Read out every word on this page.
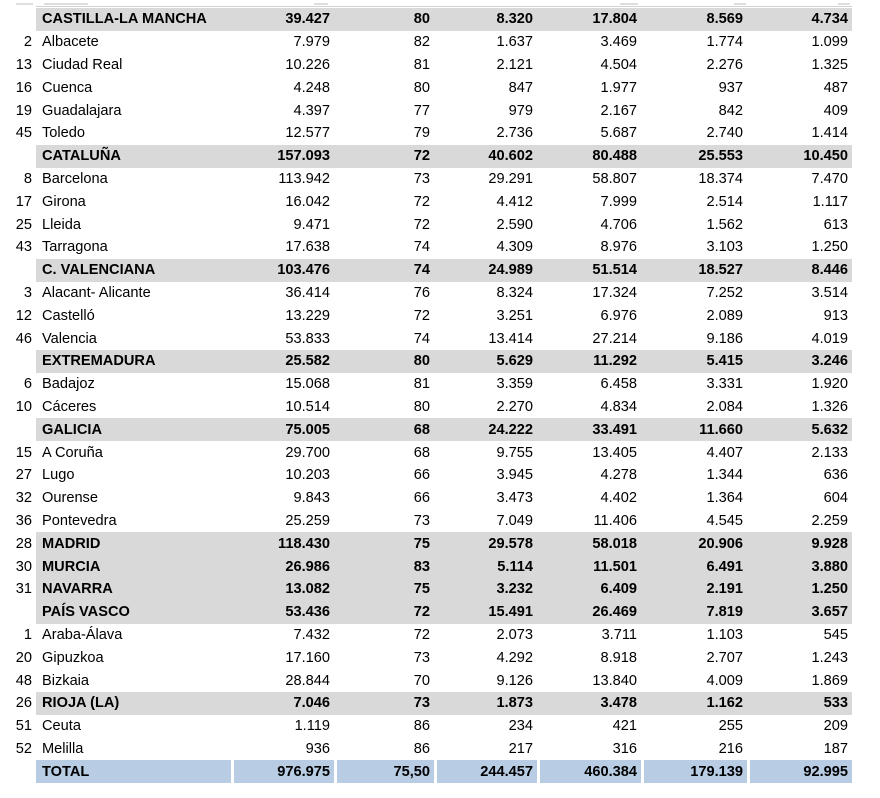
CASTILLA-LA MANCHA	39.427	80	8.320	17.804	8.569	4.734
2 Albacete	7.979	82	1.637	3.469	1.774	1.099
13 Ciudad Real	10.226	81	2.121	4.504	2.276	1.325
16 Cuenca	4.248	80	847	1.977	937	487
19 Guadalajara	4.397	77	979	2.167	842	409
45 Toledo	12.577	79	2.736	5.687	2.740	1.414
CATALUÑA	157.093	72	40.602	80.488	25.553	10.450
8 Barcelona	113.942	73	29.291	58.807	18.374	7.470
17 Girona	16.042	72	4.412	7.999	2.514	1.117
25 Lleida	9.471	72	2.590	4.706	1.562	613
43 Tarragona	17.638	74	4.309	8.976	3.103	1.250
C. VALENCIANA	103.476	74	24.989	51.514	18.527	8.446
3 Alacant- Alicante	36.414	76	8.324	17.324	7.252	3.514
12 Castelló	13.229	72	3.251	6.976	2.089	913
46 Valencia	53.833	74	13.414	27.214	9.186	4.019
EXTREMADURA	25.582	80	5.629	11.292	5.415	3.246
6 Badajoz	15.068	81	3.359	6.458	3.331	1.920
10 Cáceres	10.514	80	2.270	4.834	2.084	1.326
GALICIA	75.005	68	24.222	33.491	11.660	5.632
15 A Coruña	29.700	68	9.755	13.405	4.407	2.133
27 Lugo	10.203	66	3.945	4.278	1.344	636
32 Ourense	9.843	66	3.473	4.402	1.364	604
36 Pontevedra	25.259	73	7.049	11.406	4.545	2.259
28 MADRID	118.430	75	29.578	58.018	20.906	9.928
30 MURCIA	26.986	83	5.114	11.501	6.491	3.880
31 NAVARRA	13.082	75	3.232	6.409	2.191	1.250
PAÍS VASCO	53.436	72	15.491	26.469	7.819	3.657
1 Araba-Álava	7.432	72	2.073	3.711	1.103	545
20 Gipuzkoa	17.160	73	4.292	8.918	2.707	1.243
48 Bizkaia	28.844	70	9.126	13.840	4.009	1.869
26 RIOJA (LA)	7.046	73	1.873	3.478	1.162	533
51 Ceuta	1.119	86	234	421	255	209
52 Melilla	936	86	217	316	216	187
TOTAL	976.975	75,50	244.457	460.384	179.139	92.995
